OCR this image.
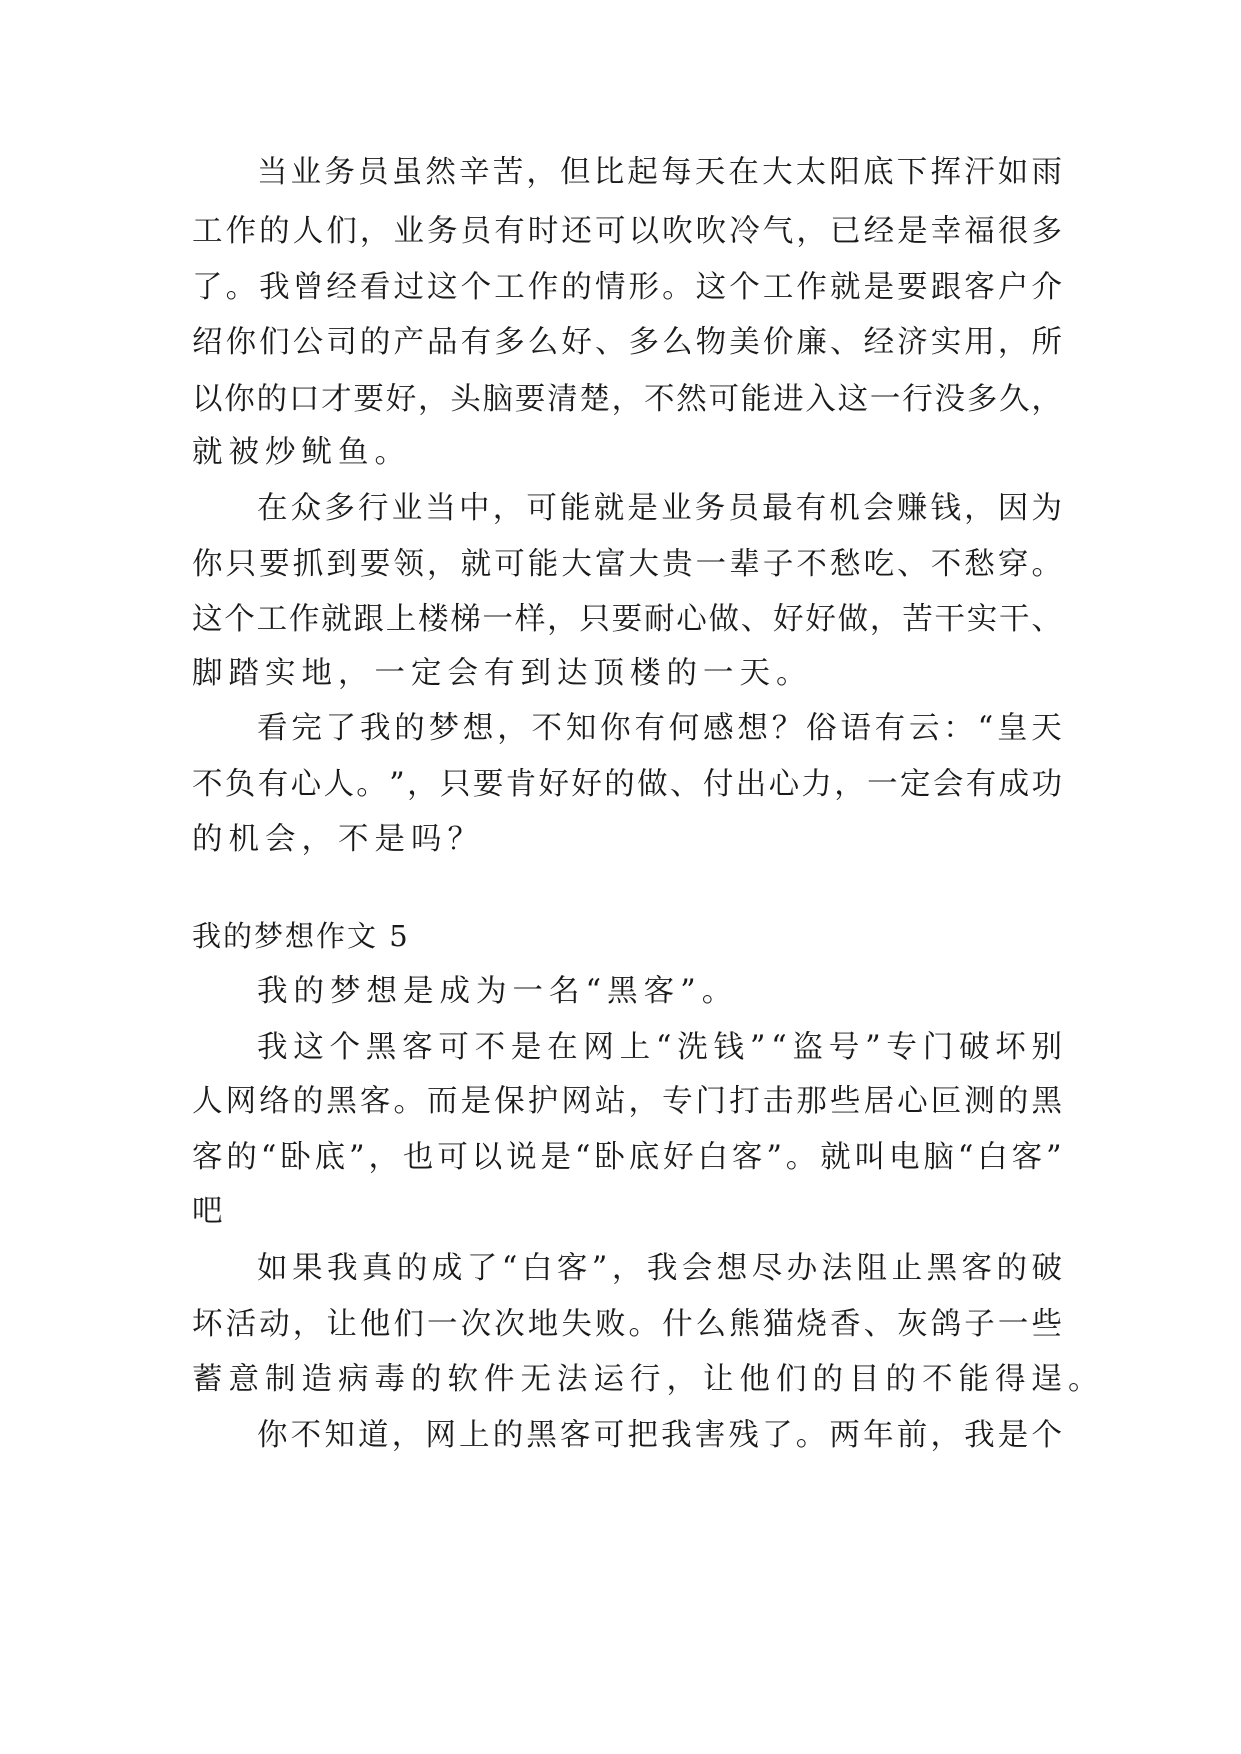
当 业 务 员 虽 然 辛 苦 ， 但 比 起 每 天 在 大 太 阳 底 下 挥 汗 如 雨
工 作 的 人 们 ， 业 务 员 有 时 还 可 以 吹 吹 冷 气 ， 已 经 是 幸 福 很 多
了 。 我 曾 经 看 过 这 个 工 作 的 情 形 。 这 个 工 作 就 是 要 跟 客 户 介
绍 你 们 公 司 的 产 品 有 多 么 好 、 多 么 物 美 价 廉 、 经 济 实 用 ， 所
以 你 的 口 才 要 好 ， 头 脑 要 清 楚 ， 不 然 可 能 进 入 这 一 行 没 多 久 ，
就 被 炒 鱿 鱼 。
在 众 多 行 业 当 中 ， 可 能 就 是 业 务 员 最 有 机 会 赚 钱 ， 因 为
你 只 要 抓 到 要 领 ， 就 可 能 大 富 大 贵 一 辈 子 不 愁 吃 、 不 愁 穿 。
这 个 工 作 就 跟 上 楼 梯 一 样 ， 只 要 耐 心 做 、 好 好 做 ， 苦 干 实 干 、
脚 踏 实 地 ， 一 定 会 有 到 达 顶 楼 的 一 天 。
看 完 了 我 的 梦 想 ， 不 知 你 有 何 感 想 ？ 俗 语 有 云 ： “ 皇 天
不 负 有 心 人 。 ” ， 只 要 肯 好 好 的 做 、 付 出 心 力 ， 一 定 会 有 成 功
的 机 会 ， 不 是 吗 ？
我的梦想作文 5
我 的 梦 想 是 成 为 一 名 “ 黑 客 ” 。
我 这 个 黑 客 可 不 是 在 网 上 “ 洗 钱 ” “ 盗 号 ” 专 门 破 坏 别
人 网 络 的 黑 客 。 而 是 保 护 网 站 ， 专 门 打 击 那 些 居 心 叵 测 的 黑
客 的 “ 卧 底 ” ， 也 可 以 说 是 “ 卧 底 好 白 客 ” 。 就 叫 电 脑 “ 白 客 ”
吧
如 果 我 真 的 成 了 “ 白 客 ” ， 我 会 想 尽 办 法 阻 止 黑 客 的 破
坏 活 动 ， 让 他 们 一 次 次 地 失 败 。 什 么 熊 猫 烧 香 、 灰 鸽 子 一 些
蓄 意 制 造 病 毒 的 软 件 无 法 运 行 ， 让 他 们 的 目 的 不 能 得 逞 。
你 不 知 道 ， 网 上 的 黑 客 可 把 我 害 残 了 。 两 年 前 ， 我 是 个
